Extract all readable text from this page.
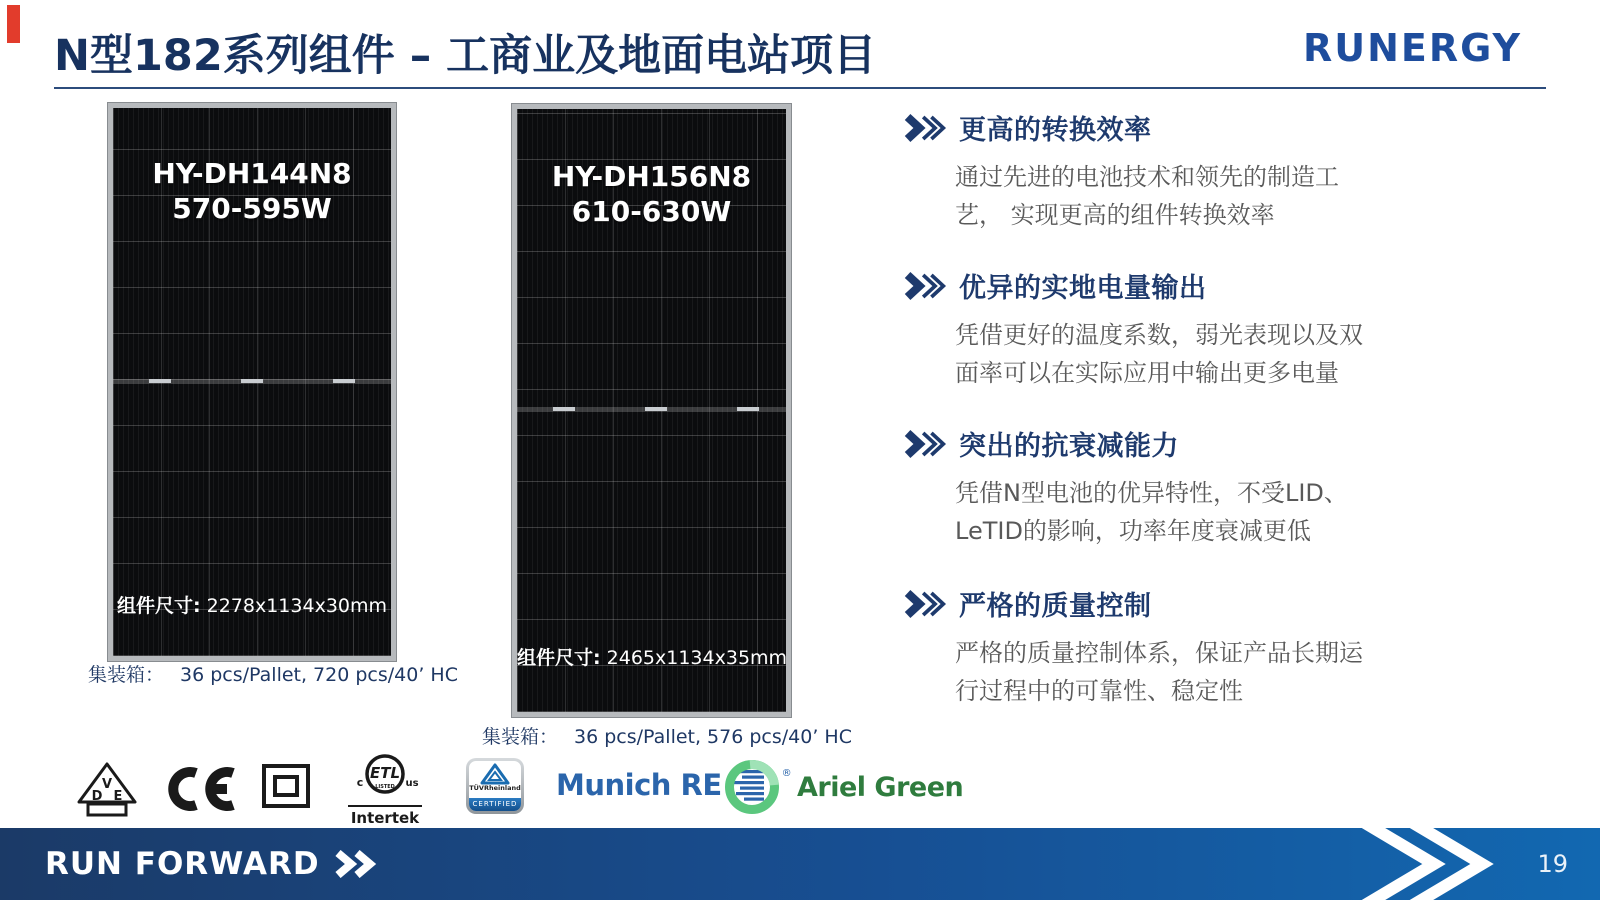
N型182系列组件 – 工商业及地面电站项目	RUNERGY
HY-DH144N8
570-595W
组件尺寸: 2278x1134x30mm
集装箱： 36 pcs/Pallet, 720 pcs/40’ HC
HY-DH156N8
610-630W
组件尺寸: 2465x1134x35mm
集装箱： 36 pcs/Pallet, 576 pcs/40’ HC
更高的转换效率
通过先进的电池技术和领先的制造工
艺， 实现更高的组件转换效率
优异的实地电量输出
凭借更好的温度系数，弱光表现以及双
面率可以在实际应用中输出更多电量
突出的抗衰减能力
凭借N型电池的优异特性，不受LID、
LeTID的影响，功率年度衰减更低
严格的质量控制
严格的质量控制体系，保证产品长期运
行过程中的可靠性、稳定性
V
D E
ETL
LISTED
c	us
Intertek
TÜVRheinland
CERTIFIED
Munich RE	® Ariel Green
RUN FORWARD	19
